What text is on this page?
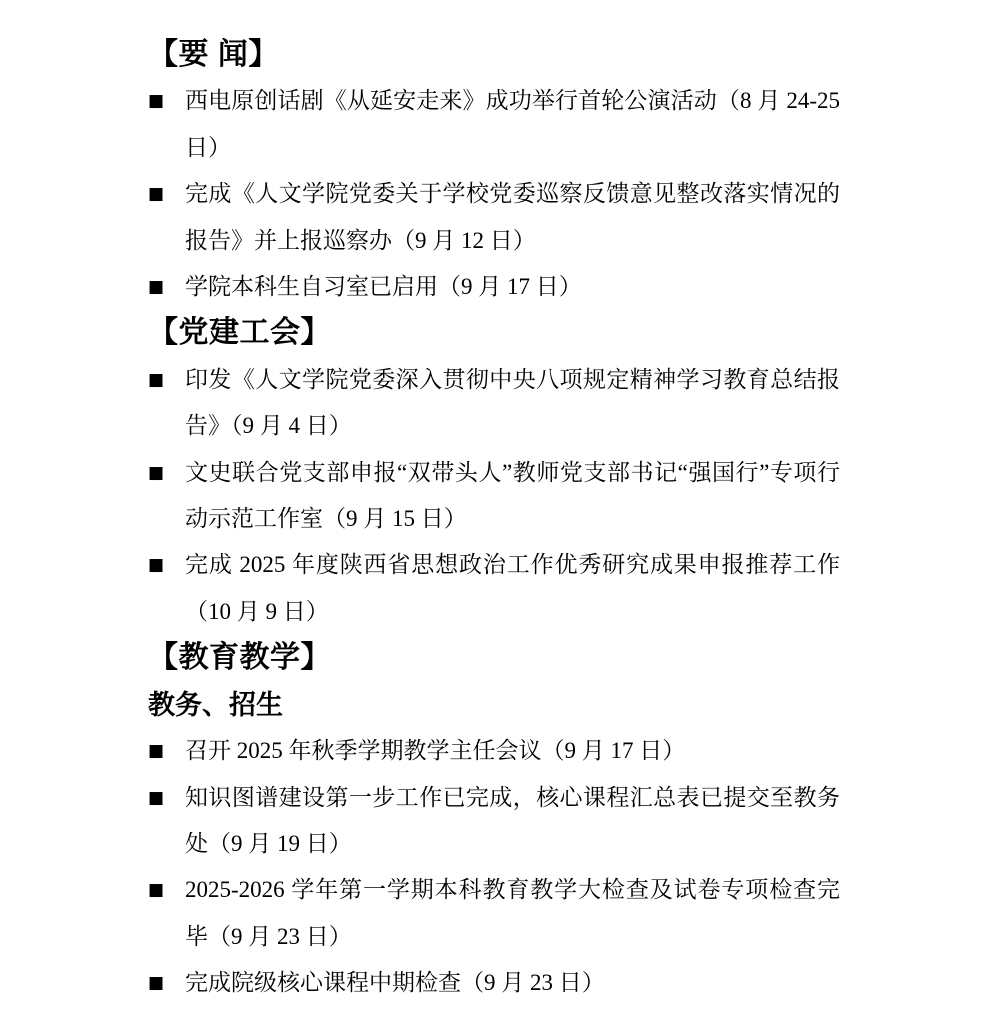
【要 闻】
■ 西电原创话剧《从延安走来》成功举行首轮公演活动（8 月 24-25 日）
■ 完成《人文学院党委关于学校党委巡察反馈意见整改落实情况的报告》并上报巡察办（9 月 12 日）
■ 学院本科生自习室已启用（9 月 17 日）
【党建工会】
■ 印发《人文学院党委深入贯彻中央八项规定精神学习教育总结报告》（9 月 4 日）
■ 文史联合党支部申报“双带头人”教师党支部书记“强国行”专项行动示范工作室（9 月 15 日）
■ 完成 2025 年度陕西省思想政治工作优秀研究成果申报推荐工作（10 月 9 日）
【教育教学】
教务、招生
■ 召开 2025 年秋季学期教学主任会议（9 月 17 日）
■ 知识图谱建设第一步工作已完成，核心课程汇总表已提交至教务处（9 月 19 日）
■ 2025-2026 学年第一学期本科教育教学大检查及试卷专项检查完毕（9 月 23 日）
■ 完成院级核心课程中期检查（9 月 23 日）
